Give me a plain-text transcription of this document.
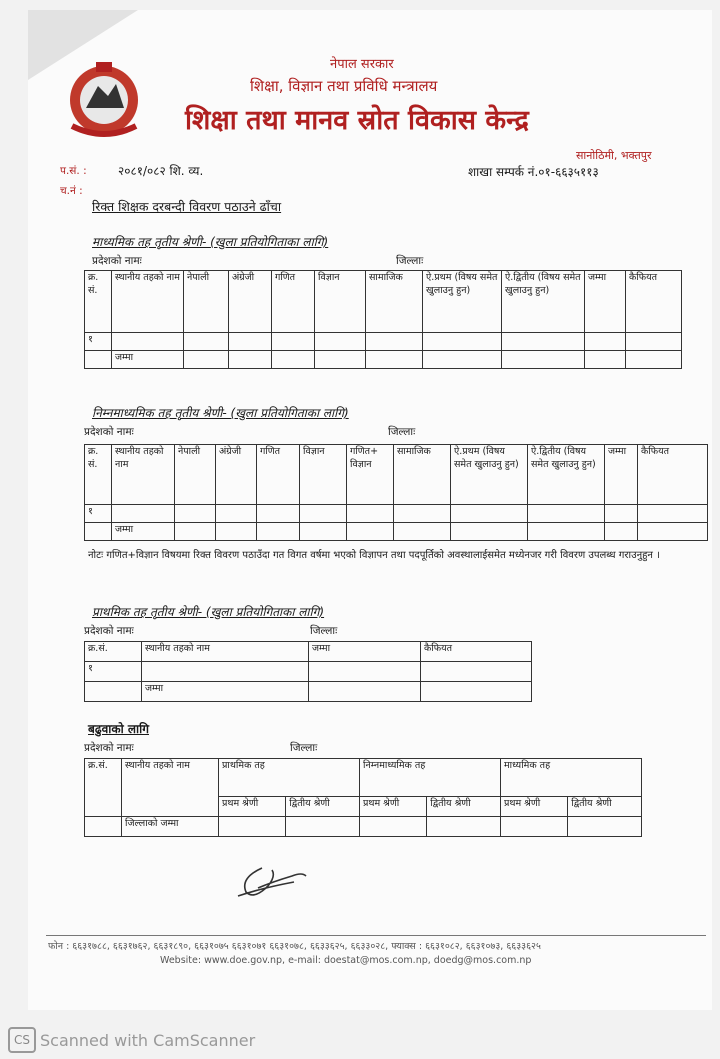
नेपाल सरकार
शिक्षा, विज्ञान तथा प्रविधि मन्त्रालय
शिक्षा तथा मानव स्रोत विकास केन्द्र
सानोठिमी, भक्तपुर
प.सं. :	२०८१/०८२ शि. व्य.
च.नं :
शाखा सम्पर्क नं.०१-६६३५११३
रिक्त शिक्षक दरबन्दी विवरण पठाउने ढाँचा
माध्यमिक तह तृतीय श्रेणी- (खुला प्रतियोगिताका लागि)
प्रदेशको नामः	जिल्लाः
क्र. सं.	स्थानीय तहको नाम	नेपाली	अंग्रेजी	गणित	विज्ञान	सामाजिक	ऐ.प्रथम (विषय समेत खुलाउनु हुन)	ऐ.द्वितीय (विषय समेत खुलाउनु हुन)	जम्मा	कैफियत
१										
	जम्मा									
निम्नमाध्यमिक तह तृतीय श्रेणी- (खुला प्रतियोगिताका लागि)
प्रदेशको नामः	जिल्लाः
क्र. सं.	स्थानीय तहको नाम	नेपाली	अंग्रेजी	गणित	विज्ञान	गणित+ विज्ञान	सामाजिक	ऐ.प्रथम (विषय समेत खुलाउनु हुन)	ऐ.द्वितीय (विषय समेत खुलाउनु हुन)	जम्मा	कैफियत
१											
	जम्मा										
नोटः गणित+विज्ञान विषयमा रिक्त विवरण पठाउँदा गत विगत वर्षमा भएको विज्ञापन तथा पदपूर्तिको अवस्थालाईसमेत मध्येनजर गरी विवरण उपलब्ध गराउनुहुन ।
प्राथमिक तह तृतीय श्रेणी- (खुला प्रतियोगिताका लागि)
प्रदेशको नामः	जिल्लाः
क्र.सं.	स्थानीय तहको नाम	जम्मा	कैफियत
१			
	जम्मा		
बढुवाको लागि
प्रदेशको नामः	जिल्लाः
क्र.सं.	स्थानीय तहको नाम	प्राथमिक तह		निम्नमाध्यमिक तह		माध्यमिक तह	
		प्रथम श्रेणी	द्वितीय श्रेणी	प्रथम श्रेणी	द्वितीय श्रेणी	प्रथम श्रेणी	द्वितीय श्रेणी
	जिल्लाको जम्मा						
फोन : ६६३१७८८, ६६३१७६२, ६६३१८९०, ६६३१०७५ ६६३१०७१ ६६३१०७८, ६६३३६२५, ६६३३०२८, फ्याक्स : ६६३१०८२, ६६३१०७३, ६६३३६२५
Website: www.doe.gov.np, e-mail: doestat@mos.com.np, doedg@mos.com.np
CS Scanned with CamScanner
